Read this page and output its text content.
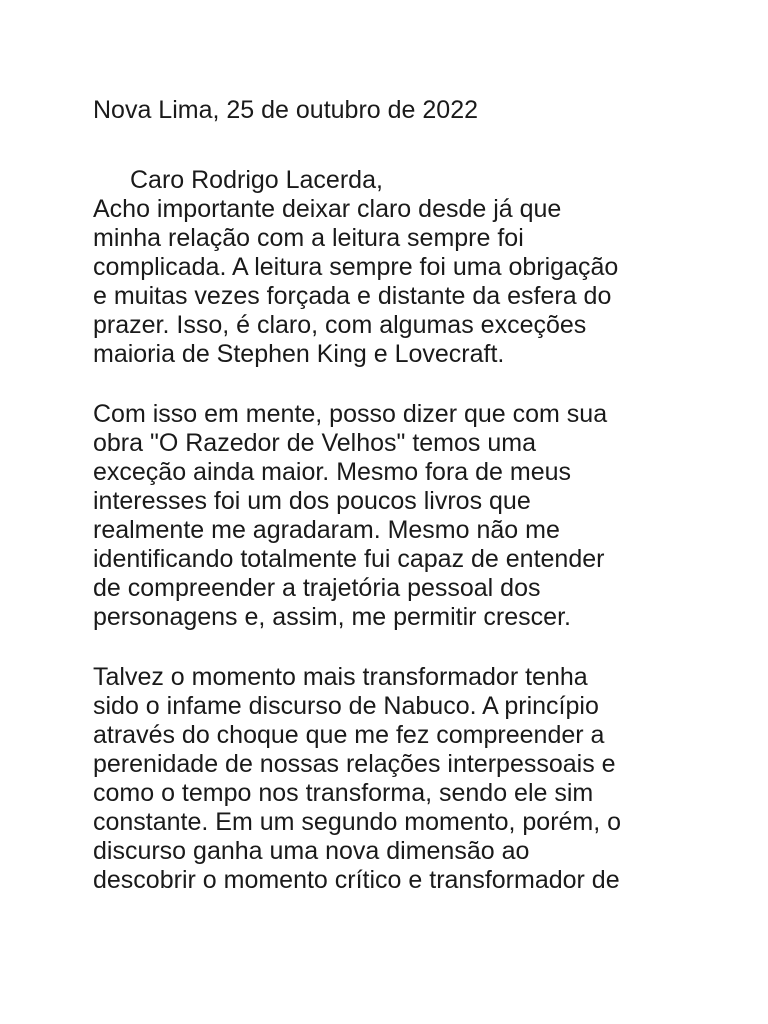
Nova Lima, 25 de outubro de 2022
Caro Rodrigo Lacerda,
Acho importante deixar claro desde já que
minha relação com a leitura sempre foi
complicada. A leitura sempre foi uma obrigação
e muitas vezes forçada e distante da esfera do
prazer. Isso, é claro, com algumas exceções
maioria de Stephen King e Lovecraft.
Com isso em mente, posso dizer que com sua
obra "O Razedor de Velhos" temos uma
exceção ainda maior. Mesmo fora de meus
interesses foi um dos poucos livros que
realmente me agradaram. Mesmo não me
identificando totalmente fui capaz de entender
de compreender a trajetória pessoal dos
personagens e, assim, me permitir crescer.
Talvez o momento mais transformador tenha
sido o infame discurso de Nabuco. A princípio
através do choque que me fez compreender a
perenidade de nossas relações interpessoais e
como o tempo nos transforma, sendo ele sim
constante. Em um segundo momento, porém, o
discurso ganha uma nova dimensão ao
descobrir o momento crítico e transformador de
